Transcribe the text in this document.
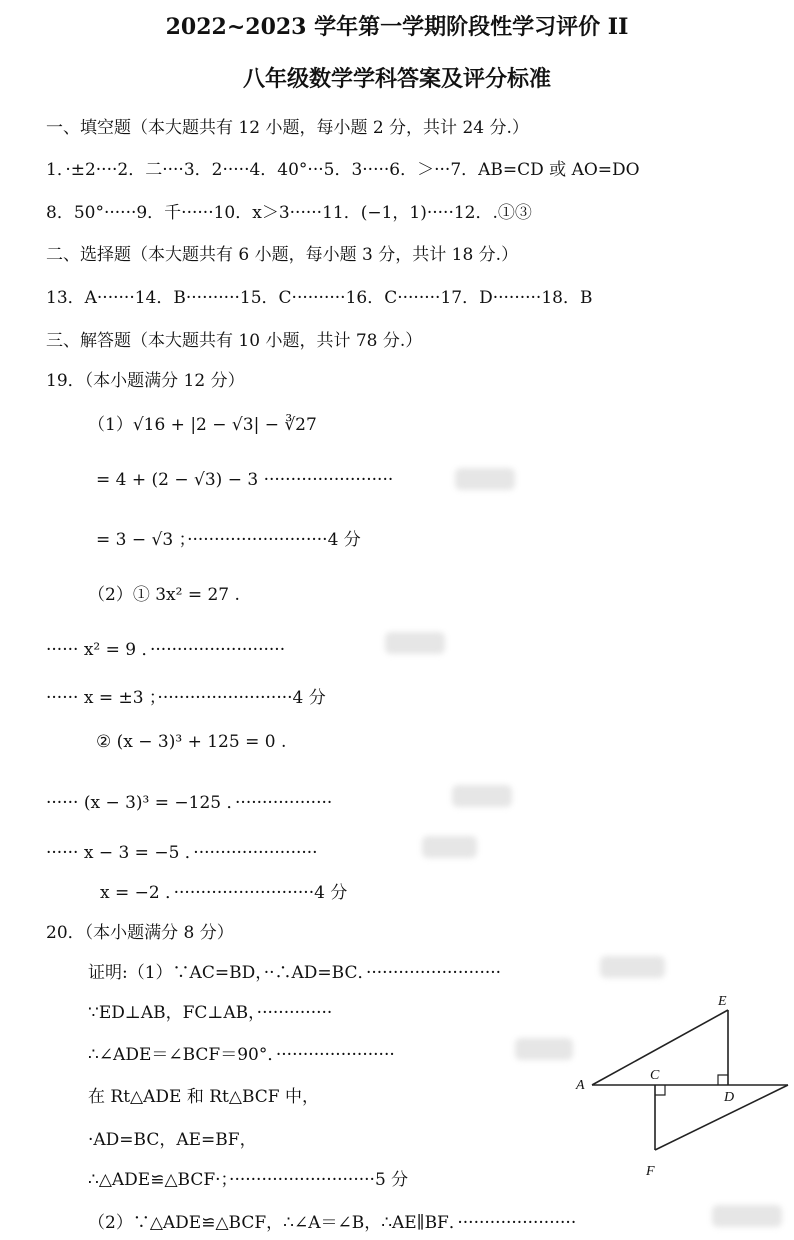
2022~2023 学年第一学期阶段性学习评价 II
八年级数学学科答案及评分标准
一、填空题（本大题共有 12 小题，每小题 2 分，共计 24 分.）
1．·±2····2．二····3．2·····4．40°···5．3·····6．＞···7．AB=CD 或 AO=DO
8．50°······9．千······10．x＞3······11．(−1，1)·····12．.①③
二、选择题（本大题共有 6 小题，每小题 3 分，共计 18 分.）
13．A·······14．B··········15．C··········16．C········17．D·········18．B
三、解答题（本大题共有 10 小题，共计 78 分.）
19．（本小题满分 12 分）
（1）√16 + |2 − √3| − ∛27
= 4 + (2 − √3) − 3 ························
= 3 − √3 ；··························4 分
（2）① 3x² = 27 .
······ x² = 9 ．·························
······ x = ±3 ；·························4 分
② (x − 3)³ + 125 = 0 .
······ (x − 3)³ = −125 ．··················
······ x − 3 = −5 ．·······················
x = −2 ．··························4 分
20．（本小题满分 8 分）
证明:（1）∵AC=BD，··∴AD=BC．·························
∵ED⊥AB，FC⊥AB，··············
∴∠ADE＝∠BCF＝90°．······················
在 Rt△ADE 和 Rt△BCF 中，
·AD=BC，AE=BF，
∴△ADE≌△BCF·；···························5 分
（2）∵△ADE≌△BCF，∴∠A＝∠B，∴AE∥BF．······················
A
C
D
E
F
